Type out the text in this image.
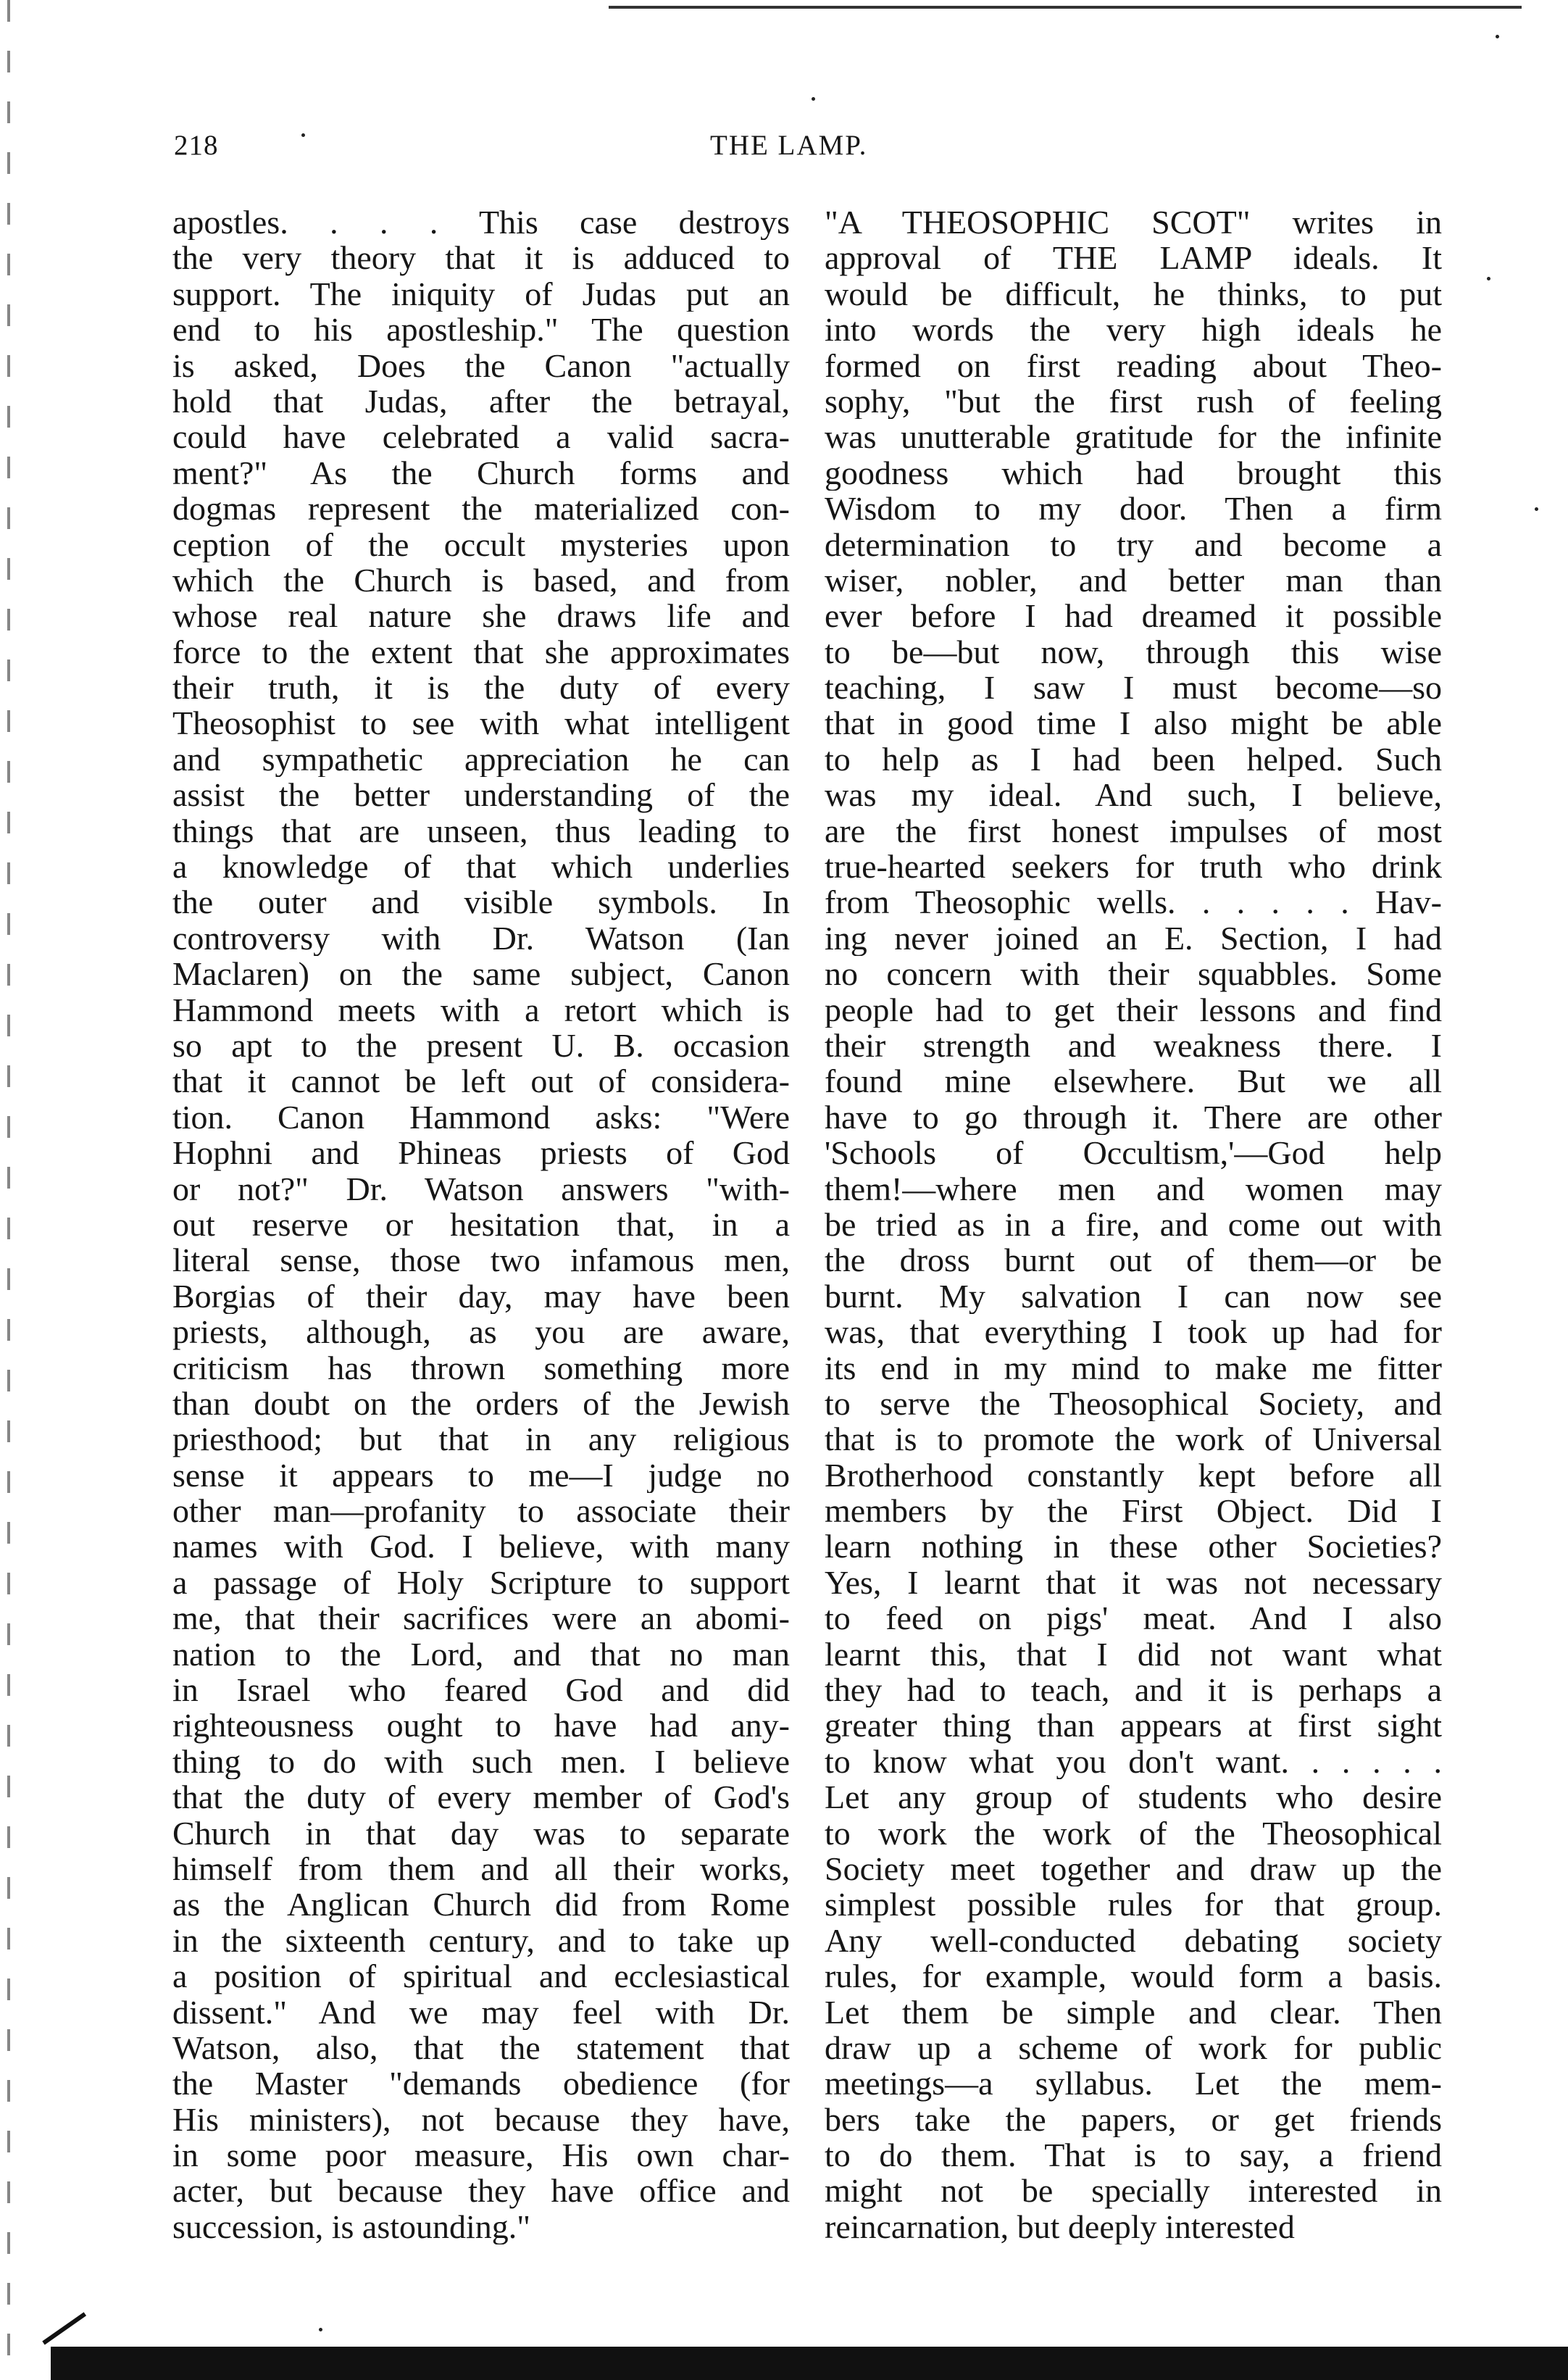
218	THE LAMP.
apostles. . . . This case destroys
the very theory that it is adduced to
support. The iniquity of Judas put an
end to his apostleship." The question
is asked, Does the Canon "actually
hold that Judas, after the betrayal,
could have celebrated a valid sacra-
ment?" As the Church forms and
dogmas represent the materialized con-
ception of the occult mysteries upon
which the Church is based, and from
whose real nature she draws life and
force to the extent that she approximates
their truth, it is the duty of every
Theosophist to see with what intelligent
and sympathetic appreciation he can
assist the better understanding of the
things that are unseen, thus leading to
a knowledge of that which underlies
the outer and visible symbols. In
controversy with Dr. Watson (Ian
Maclaren) on the same subject, Canon
Hammond meets with a retort which is
so apt to the present U. B. occasion
that it cannot be left out of considera-
tion. Canon Hammond asks: "Were
Hophni and Phineas priests of God
or not?" Dr. Watson answers "with-
out reserve or hesitation that, in a
literal sense, those two infamous men,
Borgias of their day, may have been
priests, although, as you are aware,
criticism has thrown something more
than doubt on the orders of the Jewish
priesthood; but that in any religious
sense it appears to me—I judge no
other man—profanity to associate their
names with God. I believe, with many
a passage of Holy Scripture to support
me, that their sacrifices were an abomi-
nation to the Lord, and that no man
in Israel who feared God and did
righteousness ought to have had any-
thing to do with such men. I believe
that the duty of every member of God's
Church in that day was to separate
himself from them and all their works,
as the Anglican Church did from Rome
in the sixteenth century, and to take up
a position of spiritual and ecclesiastical
dissent." And we may feel with Dr.
Watson, also, that the statement that
the Master "demands obedience (for
His ministers), not because they have,
in some poor measure, His own char-
acter, but because they have office and
succession, is astounding."
"A THEOSOPHIC SCOT" writes in
approval of THE LAMP ideals. It
would be difficult, he thinks, to put
into words the very high ideals he
formed on first reading about Theo-
sophy, "but the first rush of feeling
was unutterable gratitude for the infinite
goodness which had brought this
Wisdom to my door. Then a firm
determination to try and become a
wiser, nobler, and better man than
ever before I had dreamed it possible
to be—but now, through this wise
teaching, I saw I must become—so
that in good time I also might be able
to help as I had been helped. Such
was my ideal. And such, I believe,
are the first honest impulses of most
true-hearted seekers for truth who drink
from Theosophic wells. . . . . . Hav-
ing never joined an E. Section, I had
no concern with their squabbles. Some
people had to get their lessons and find
their strength and weakness there. I
found mine elsewhere. But we all
have to go through it. There are other
'Schools of Occultism,'—God help
them!—where men and women may
be tried as in a fire, and come out with
the dross burnt out of them—or be
burnt. My salvation I can now see
was, that everything I took up had for
its end in my mind to make me fitter
to serve the Theosophical Society, and
that is to promote the work of Universal
Brotherhood constantly kept before all
members by the First Object. Did I
learn nothing in these other Societies?
Yes, I learnt that it was not necessary
to feed on pigs' meat. And I also
learnt this, that I did not want what
they had to teach, and it is perhaps a
greater thing than appears at first sight
to know what you don't want. . . . . .
Let any group of students who desire
to work the work of the Theosophical
Society meet together and draw up the
simplest possible rules for that group.
Any well-conducted debating society
rules, for example, would form a basis.
Let them be simple and clear. Then
draw up a scheme of work for public
meetings—a syllabus. Let the mem-
bers take the papers, or get friends
to do them. That is to say, a friend
might not be specially interested in
reincarnation, but deeply interested
